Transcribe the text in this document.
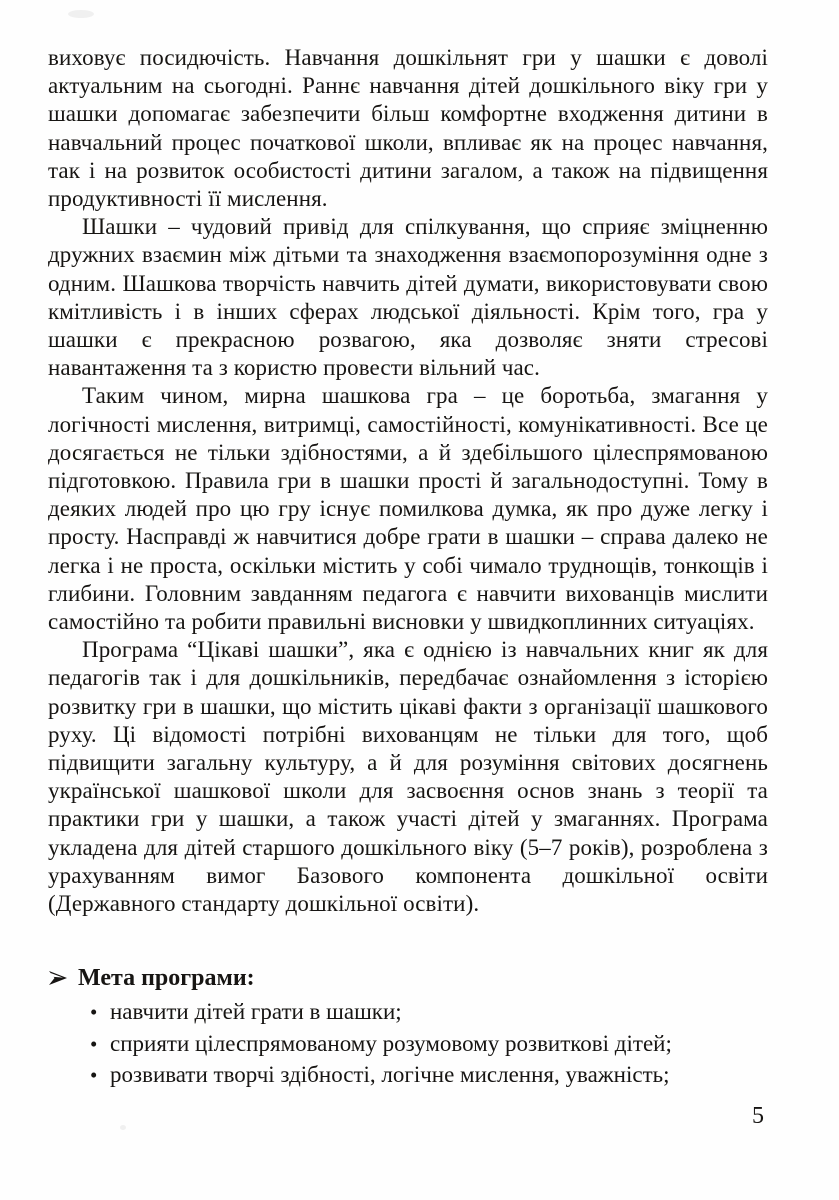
виховує посидючість. Навчання дошкільнят гри у шашки є доволі актуальним на сьогодні. Раннє навчання дітей дошкільного віку гри у шашки допомагає забезпечити більш комфортне входження дитини в навчальний процес початкової школи, впливає як на процес навчання, так і на розвиток особистості дитини загалом, а також на підвищення продуктивності її мислення.

Шашки – чудовий привід для спілкування, що сприяє зміцненню дружних взаємин між дітьми та знаходження взаємопорозуміння одне з одним. Шашкова творчість навчить дітей думати, використовувати свою кмітливість і в інших сферах людської діяльності. Крім того, гра у шашки є прекрасною розвагою, яка дозволяє зняти стресові навантаження та з користю провести вільний час.

Таким чином, мирна шашкова гра – це боротьба, змагання у логічності мислення, витримці, самостійності, комунікативності. Все це досягається не тільки здібностями, а й здебільшого цілеспрямованою підготовкою. Правила гри в шашки прості й загальнодоступні. Тому в деяких людей про цю гру існує помилкова думка, як про дуже легку і просту. Насправді ж навчитися добре грати в шашки – справа далеко не легка і не проста, оскільки містить у собі чимало труднощів, тонкощів і глибини. Головним завданням педагога є навчити вихованців мислити самостійно та робити правильні висновки у швидкоплинних ситуаціях.

Програма “Цікаві шашки”, яка є однією із навчальних книг як для педагогів так і для дошкільників, передбачає ознайомлення з історією розвитку гри в шашки, що містить цікаві факти з організації шашкового руху. Ці відомості потрібні вихованцям не тільки для того, щоб підвищити загальну культуру, а й для розуміння світових досягнень української шашкової школи для засвоєння основ знань з теорії та практики гри у шашки, а також участі дітей у змаганнях. Програма укладена для дітей старшого дошкільного віку (5–7 років), розроблена з урахуванням вимог Базового компонента дошкільної освіти (Державного стандарту дошкільної освіти).

Мета програми:
• навчити дітей грати в шашки;
• сприяти цілеспрямованому розумовому розвиткові дітей;
• розвивати творчі здібності, логічне мислення, уважність;
5
